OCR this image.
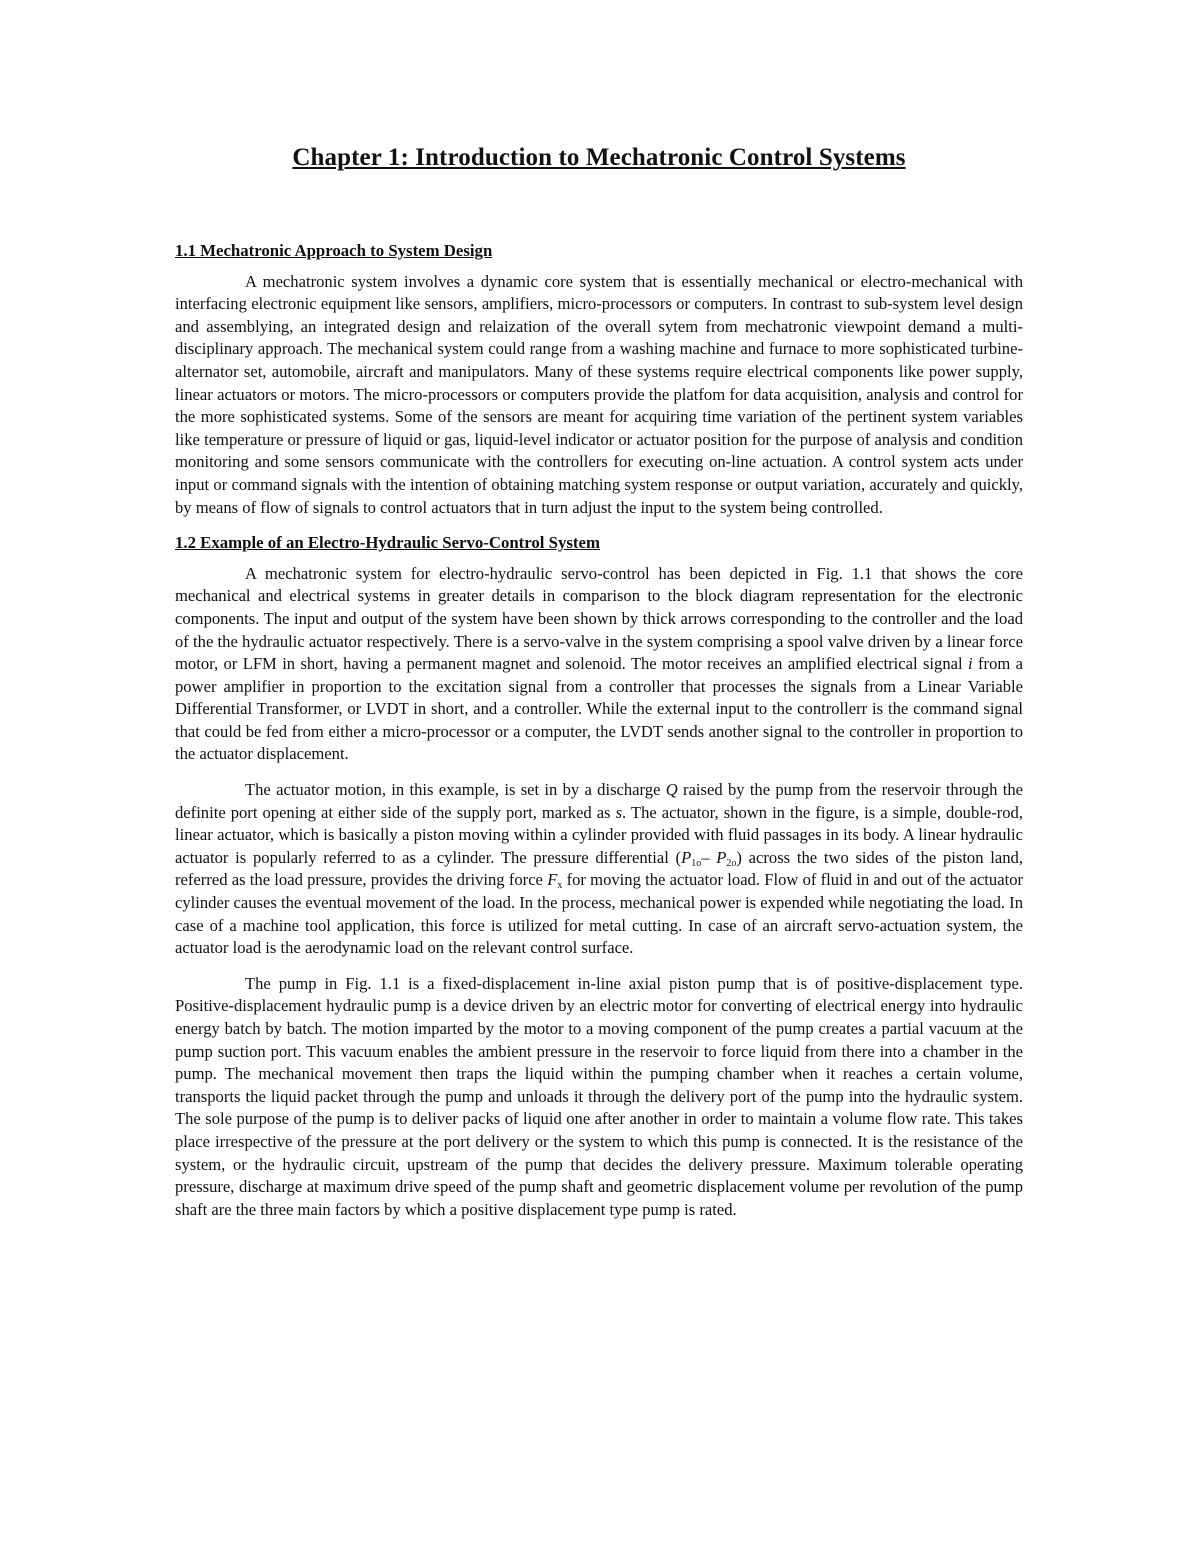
Chapter 1: Introduction to Mechatronic Control Systems
1.1 Mechatronic Approach to System Design

A mechatronic system involves a dynamic core system that is essentially mechanical or electro-mechanical with interfacing electronic equipment like sensors, amplifiers, micro-processors or computers. In contrast to sub-system level design and assemblying, an integrated design and relaization of the overall sytem from mechatronic viewpoint demand a multi-disciplinary approach. The mechanical system could range from a washing machine and furnace to more sophisticated turbine-alternator set, automobile, aircraft and manipulators. Many of these systems require electrical components like power supply, linear actuators or motors. The micro-processors or computers provide the platfom for data acquisition, analysis and control for the more sophisticated systems. Some of the sensors are meant for acquiring time variation of the pertinent system variables like temperature or pressure of liquid or gas, liquid-level indicator or actuator position for the purpose of analysis and condition monitoring and some sensors communicate with the controllers for executing on-line actuation. A control system acts under input or command signals with the intention of obtaining matching system response or output variation, accurately and quickly, by means of flow of signals to control actuators that in turn adjust the input to the system being controlled.

1.2 Example of an Electro-Hydraulic Servo-Control System

A mechatronic system for electro-hydraulic servo-control has been depicted in Fig. 1.1 that shows the core mechanical and electrical systems in greater details in comparison to the block diagram representation for the electronic components. The input and output of the system have been shown by thick arrows corresponding to the controller and the load of the the hydraulic actuator respectively. There is a servo-valve in the system comprising a spool valve driven by a linear force motor, or LFM in short, having a permanent magnet and solenoid. The motor receives an amplified electrical signal i from a power amplifier in proportion to the excitation signal from a controller that processes the signals from a Linear Variable Differential Transformer, or LVDT in short, and a controller. While the external input to the controllerr is the command signal that could be fed from either a micro-processor or a computer, the LVDT sends another signal to the controller in proportion to the actuator displacement.

The actuator motion, in this example, is set in by a discharge Q raised by the pump from the reservoir through the definite port opening at either side of the supply port, marked as s. The actuator, shown in the figure, is a simple, double-rod, linear actuator, which is basically a piston moving within a cylinder provided with fluid passages in its body. A linear hydraulic actuator is popularly referred to as a cylinder. The pressure differential ($P_{1o}-$ $P_{2o}$) across the two sides of the piston land, referred as the load pressure, provides the driving force $F_x$ for moving the actuator load. Flow of fluid in and out of the actuator cylinder causes the eventual movement of the load. In the process, mechanical power is expended while negotiating the load. In case of a machine tool application, this force is utilized for metal cutting. In case of an aircraft servo-actuation system, the actuator load is the aerodynamic load on the relevant control surface.

The pump in Fig. 1.1 is a fixed-displacement in-line axial piston pump that is of positive-displacement type. Positive-displacement hydraulic pump is a device driven by an electric motor for converting of electrical energy into hydraulic energy batch by batch. The motion imparted by the motor to a moving component of the pump creates a partial vacuum at the pump suction port. This vacuum enables the ambient pressure in the reservoir to force liquid from there into a chamber in the pump. The mechanical movement then traps the liquid within the pumping chamber when it reaches a certain volume, transports the liquid packet through the pump and unloads it through the delivery port of the pump into the hydraulic system. The sole purpose of the pump is to deliver packs of liquid one after another in order to maintain a volume flow rate. This takes place irrespective of the pressure at the port delivery or the system to which this pump is connected. It is the resistance of the system, or the hydraulic circuit, upstream of the pump that decides the delivery pressure. Maximum tolerable operating pressure, discharge at maximum drive speed of the pump shaft and geometric displacement volume per revolution of the pump shaft are the three main factors by which a positive displacement type pump is rated.
